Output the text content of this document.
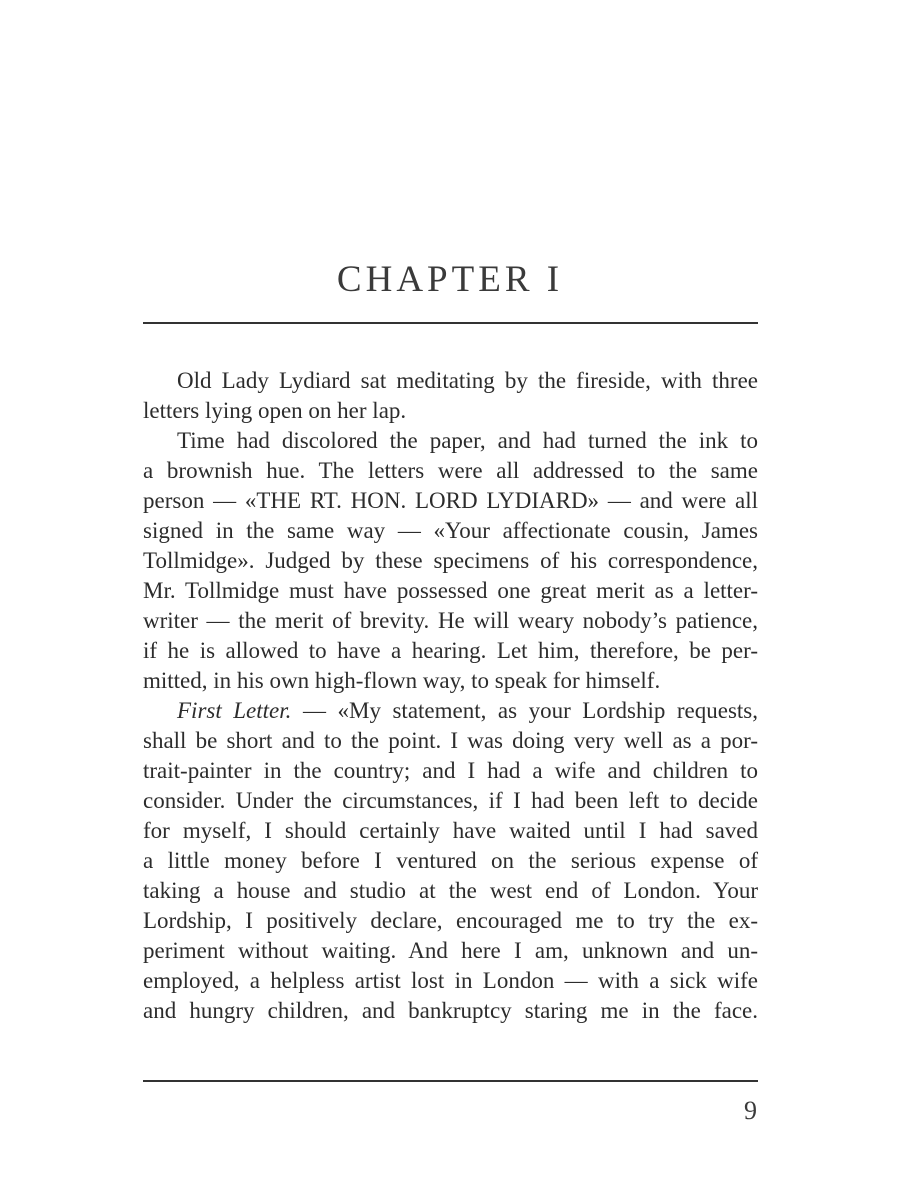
CHAPTER I
Old Lady Lydiard sat meditating by the fireside, with three
letters lying open on her lap.
Time had discolored the paper, and had turned the ink to
a brownish hue. The letters were all addressed to the same
person — «THE RT. HON. LORD LYDIARD» — and were all
signed in the same way — «Your affectionate cousin, James
Tollmidge». Judged by these specimens of his correspondence,
Mr. Tollmidge must have possessed one great merit as a letter-
writer — the merit of brevity. He will weary nobody’s patience,
if he is allowed to have a hearing. Let him, therefore, be per-
mitted, in his own high-flown way, to speak for himself.
First Letter. — «My statement, as your Lordship requests,
shall be short and to the point. I was doing very well as a por-
trait-painter in the country; and I had a wife and children to
consider. Under the circumstances, if I had been left to decide
for myself, I should certainly have waited until I had saved
a little money before I ventured on the serious expense of
taking a house and studio at the west end of London. Your
Lordship, I positively declare, encouraged me to try the ex-
periment without waiting. And here I am, unknown and un-
employed, a helpless artist lost in London — with a sick wife
and hungry children, and bankruptcy staring me in the face.
9
